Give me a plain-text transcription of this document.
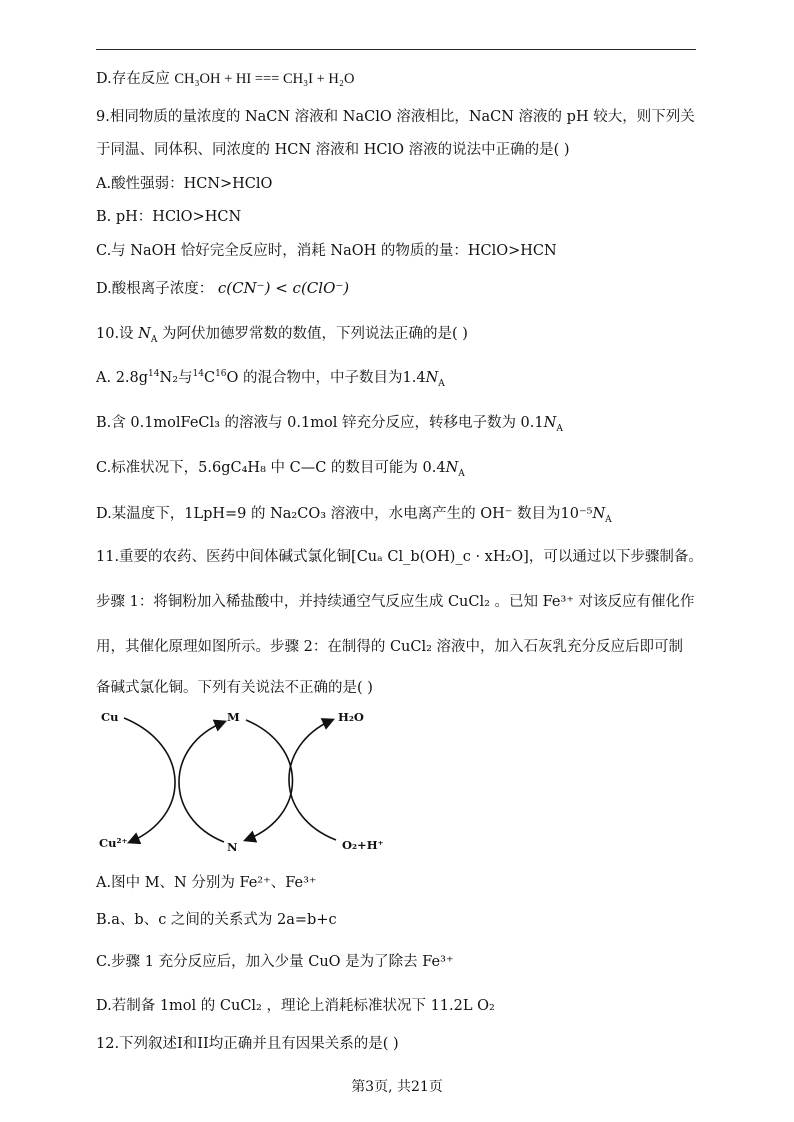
D.存在反应 CH₃OH + HI === CH₃I + H₂O
9.相同物质的量浓度的 NaCN 溶液和 NaClO 溶液相比，NaCN 溶液的 pH 较大，则下列关
于同温、同体积、同浓度的 HCN 溶液和 HClO 溶液的说法中正确的是( )
A.酸性强弱：HCN>HClO
B. pH：HClO>HCN
C.与 NaOH 恰好完全反应时，消耗 NaOH 的物质的量：HClO>HCN
D.酸根离子浓度： c(CN⁻) < c(ClO⁻)
10.设 $N_A$ 为阿伏加德罗常数的数值，下列说法正确的是( )
A. $2.8g^{14}N_2$与$^{14}C^{16}O$ 的混合物中，中子数目为$1.4N_A$
B.含 0.1molFeCl₃ 的溶液与 0.1mol 锌充分反应，转移电子数为 $0.1N_A$
C.标准状况下，5.6gC₄H₈ 中 C—C 的数目可能为 $0.4N_A$
D.某温度下，1LpH=9 的 Na₂CO₃ 溶液中，水电离产生的 OH⁻ 数目为$10^{-5}N_A$
11.重要的农药、医药中间体碱式氯化铜[Cuₐ Cl_b(OH)_c · xH₂O]，可以通过以下步骤制备。
步骤 1：将铜粉加入稀盐酸中，并持续通空气反应生成 CuCl₂ 。已知 Fe³⁺ 对该反应有催化作
用，其催化原理如图所示。步骤 2：在制得的 CuCl₂ 溶液中，加入石灰乳充分反应后即可制
备碱式氯化铜。下列有关说法不正确的是( )
Cu	M	H₂O
Cu²⁺	N	O₂+H⁺
A.图中 M、N 分别为 Fe²⁺、Fe³⁺
B.a、b、c 之间的关系式为 2a=b+c
C.步骤 1 充分反应后，加入少量 CuO 是为了除去 Fe³⁺
D.若制备 1mol 的 CuCl₂ ，理论上消耗标准状况下 11.2L O₂
12.下列叙述I和II均正确并且有因果关系的是( )
第3页, 共21页
